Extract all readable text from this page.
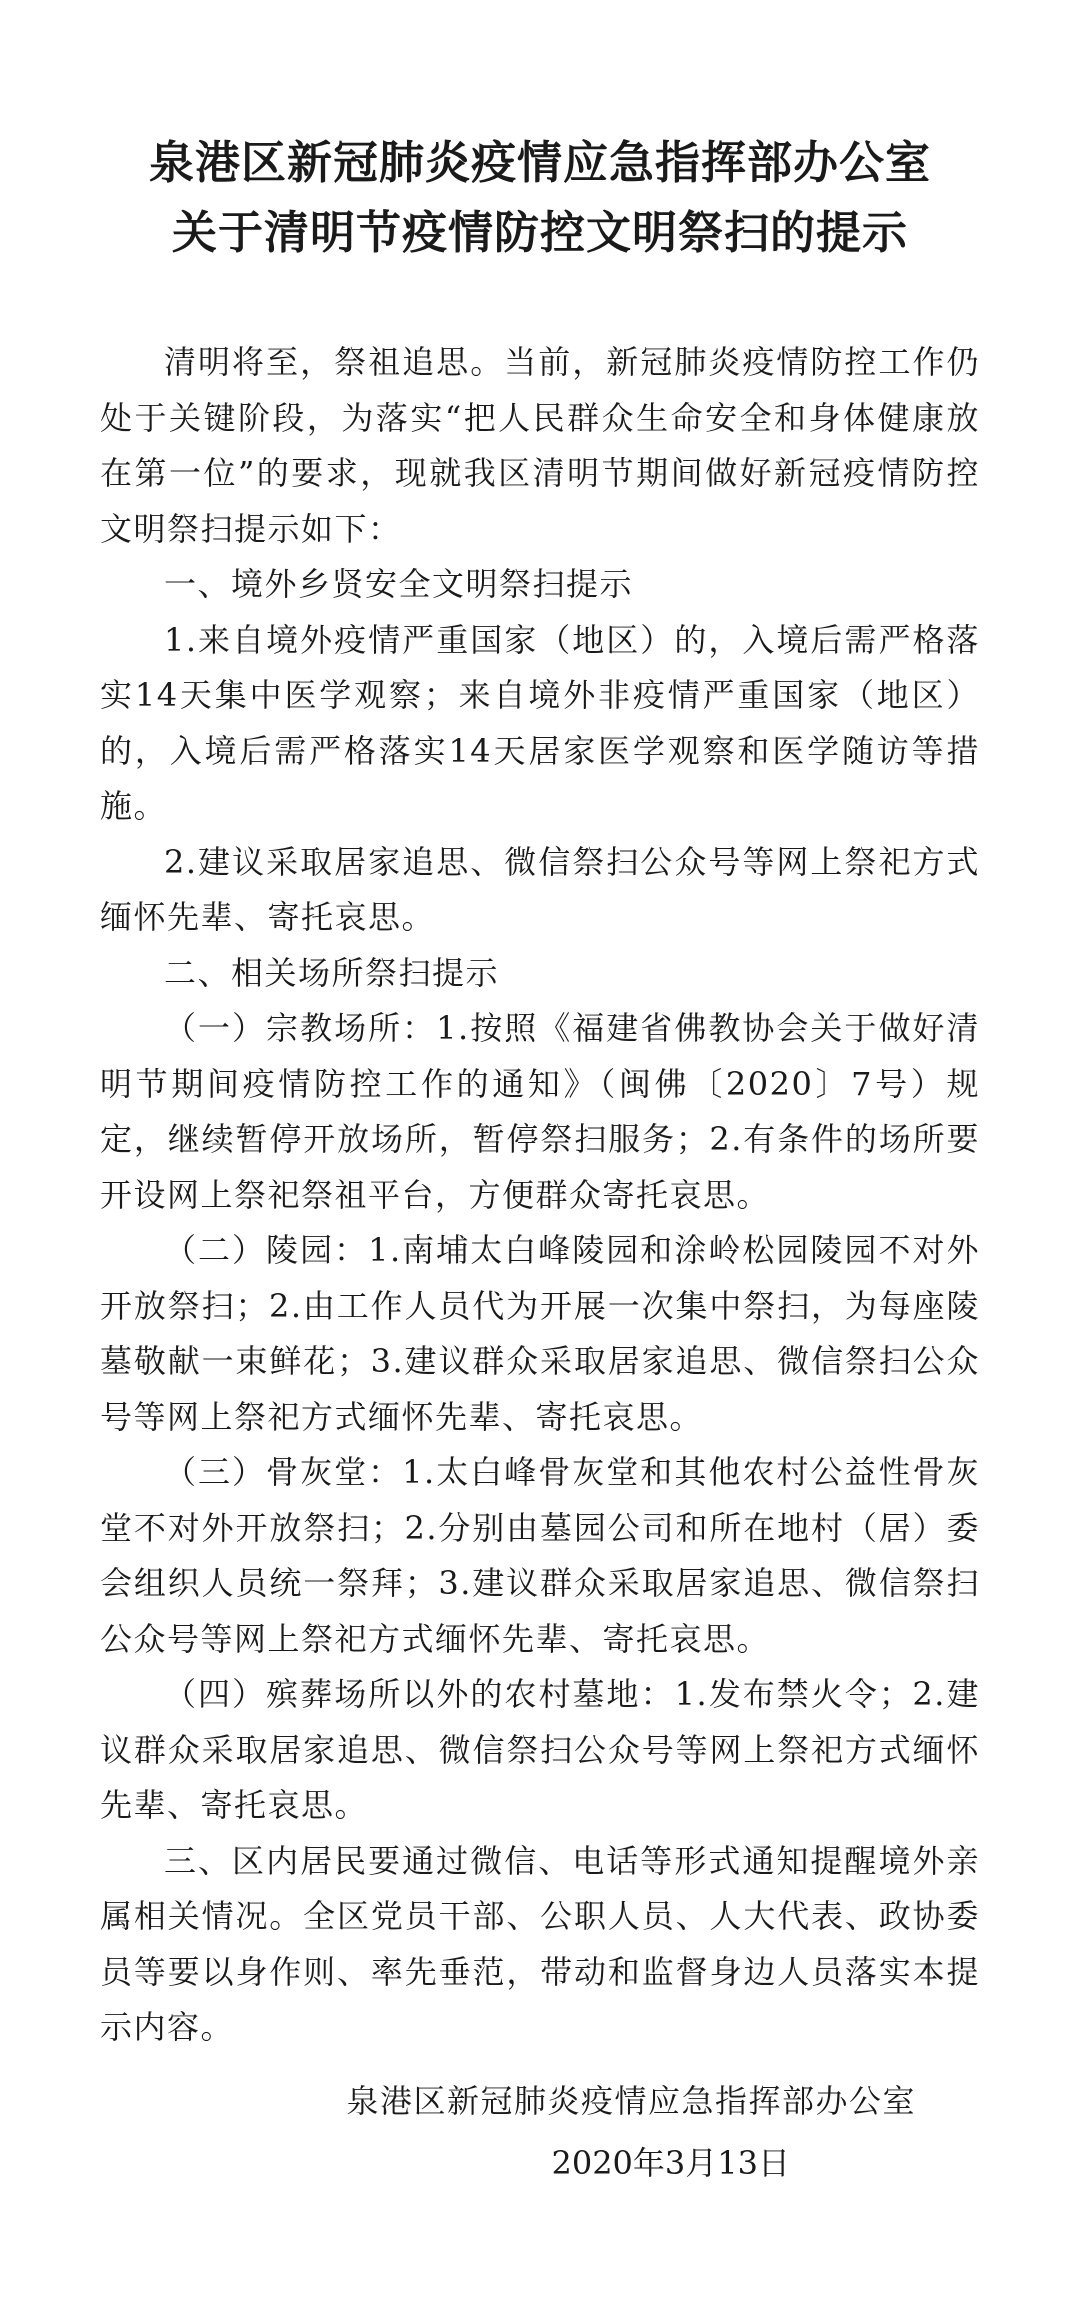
泉港区新冠肺炎疫情应急指挥部办公室

关于清明节疫情防控文明祭扫的提示

清明将至，祭祖追思。当前，新冠肺炎疫情防控工作仍处于关键阶段，为落实“把人民群众生命安全和身体健康放在第一位”的要求，现就我区清明节期间做好新冠疫情防控文明祭扫提示如下：

一、境外乡贤安全文明祭扫提示

1.来自境外疫情严重国家（地区）的，入境后需严格落实14天集中医学观察；来自境外非疫情严重国家（地区）的，入境后需严格落实14天居家医学观察和医学随访等措施。

2.建议采取居家追思、微信祭扫公众号等网上祭祀方式缅怀先辈、寄托哀思。

二、相关场所祭扫提示

（一）宗教场所：1.按照《福建省佛教协会关于做好清明节期间疫情防控工作的通知》（闽佛〔2020〕7号）规定，继续暂停开放场所，暂停祭扫服务；2.有条件的场所要开设网上祭祀祭祖平台，方便群众寄托哀思。

（二）陵园：1.南埔太白峰陵园和涂岭松园陵园不对外开放祭扫；2.由工作人员代为开展一次集中祭扫，为每座陵墓敬献一束鲜花；3.建议群众采取居家追思、微信祭扫公众号等网上祭祀方式缅怀先辈、寄托哀思。

（三）骨灰堂：1.太白峰骨灰堂和其他农村公益性骨灰堂不对外开放祭扫；2.分别由墓园公司和所在地村（居）委会组织人员统一祭拜；3.建议群众采取居家追思、微信祭扫公众号等网上祭祀方式缅怀先辈、寄托哀思。

（四）殡葬场所以外的农村墓地：1.发布禁火令；2.建议群众采取居家追思、微信祭扫公众号等网上祭祀方式缅怀先辈、寄托哀思。

三、区内居民要通过微信、电话等形式通知提醒境外亲属相关情况。全区党员干部、公职人员、人大代表、政协委员等要以身作则、率先垂范，带动和监督身边人员落实本提示内容。

泉港区新冠肺炎疫情应急指挥部办公室

2020年3月13日
